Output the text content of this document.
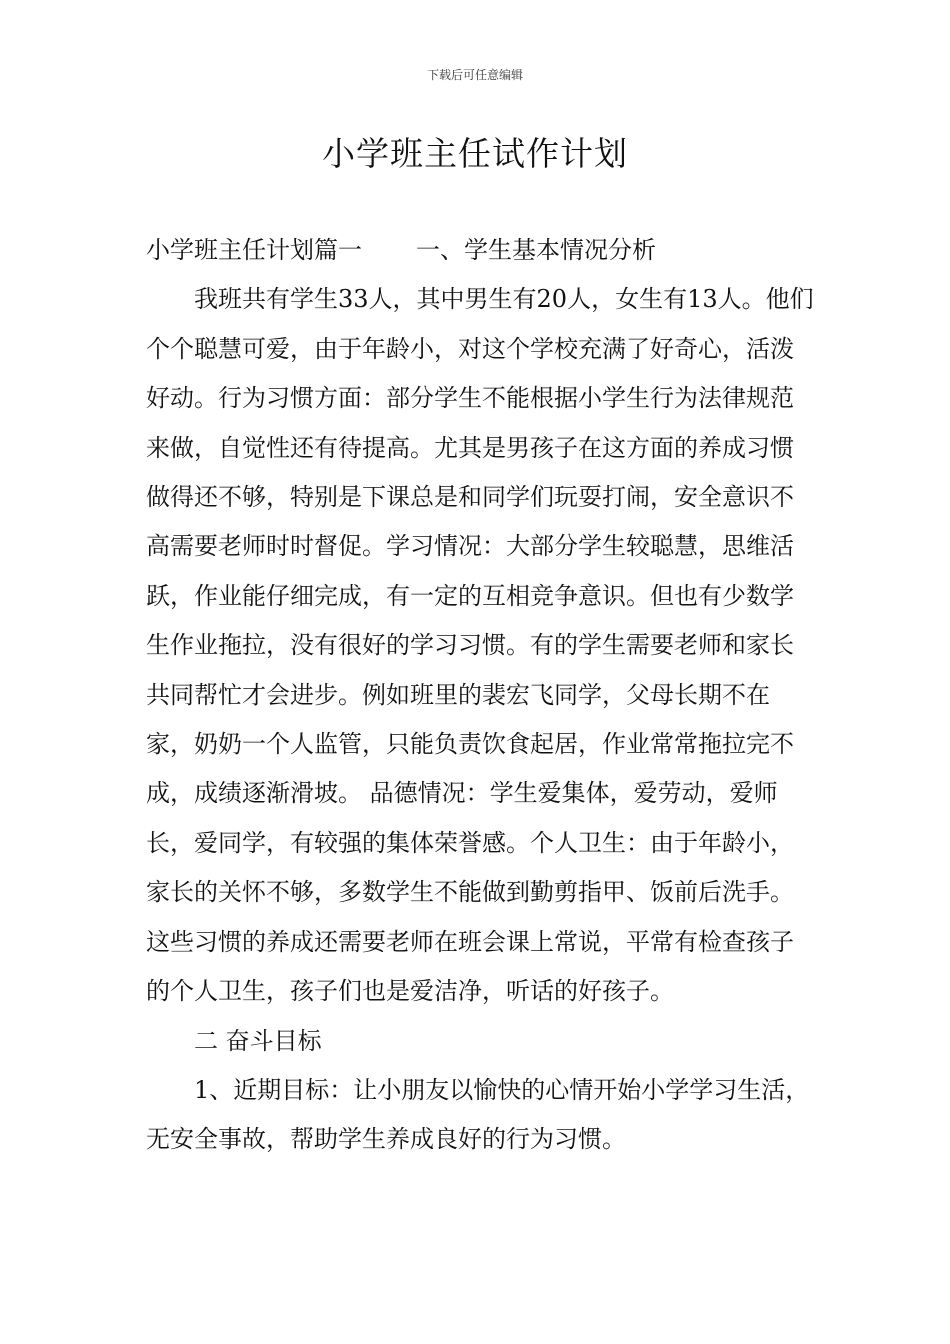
下载后可任意编辑
小学班主任试作计划

小学班主任计划篇一 一、学生基本情况分析

我班共有学生33人，其中男生有20人，女生有13人。他们个个聪慧可爱，由于年龄小，对这个学校充满了好奇心，活泼好动。行为习惯方面：部分学生不能根据小学生行为法律规范来做，自觉性还有待提高。尤其是男孩子在这方面的养成习惯做得还不够，特别是下课总是和同学们玩耍打闹，安全意识不高需要老师时时督促。学习情况：大部分学生较聪慧，思维活跃，作业能仔细完成，有一定的互相竞争意识。但也有少数学生作业拖拉，没有很好的学习习惯。有的学生需要老师和家长共同帮忙才会进步。例如班里的裴宏飞同学，父母长期不在家，奶奶一个人监管，只能负责饮食起居，作业常常拖拉完不成，成绩逐渐滑坡。 品德情况：学生爱集体，爱劳动，爱师长，爱同学，有较强的集体荣誉感。个人卫生：由于年龄小，家长的关怀不够，多数学生不能做到勤剪指甲、饭前后洗手。这些习惯的养成还需要老师在班会课上常说，平常有检查孩子的个人卫生，孩子们也是爱洁净，听话的好孩子。

二 奋斗目标

1、近期目标：让小朋友以愉快的心情开始小学学习生活，无安全事故，帮助学生养成良好的行为习惯。
